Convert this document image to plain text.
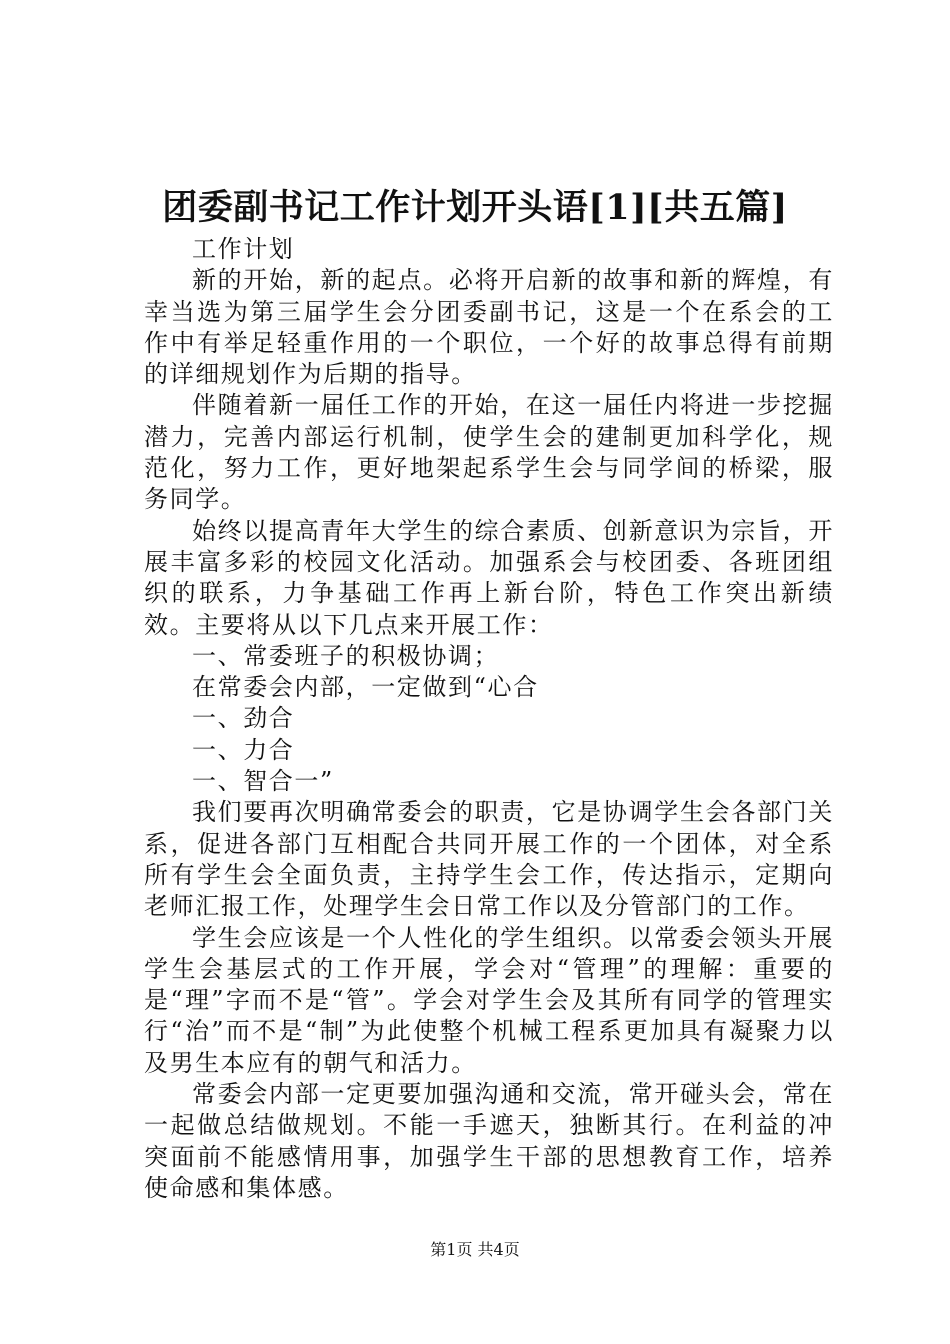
团委副书记工作计划开头语[1][共五篇]

工作计划

新的开始，新的起点。必将开启新的故事和新的辉煌，有幸当选为第三届学生会分团委副书记，这是一个在系会的工作中有举足轻重作用的一个职位，一个好的故事总得有前期的详细规划作为后期的指导。

伴随着新一届任工作的开始，在这一届任内将进一步挖掘潜力，完善内部运行机制，使学生会的建制更加科学化，规范化，努力工作，更好地架起系学生会与同学间的桥梁，服务同学。

始终以提高青年大学生的综合素质、创新意识为宗旨，开展丰富多彩的校园文化活动。加强系会与校团委、各班团组织的联系，力争基础工作再上新台阶，特色工作突出新绩效。主要将从以下几点来开展工作：

一、常委班子的积极协调；

在常委会内部，一定做到“心合

一、劲合

一、力合

一、智合一”

我们要再次明确常委会的职责，它是协调学生会各部门关系，促进各部门互相配合共同开展工作的一个团体，对全系所有学生会全面负责，主持学生会工作，传达指示，定期向老师汇报工作，处理学生会日常工作以及分管部门的工作。

学生会应该是一个人性化的学生组织。以常委会领头开展学生会基层式的工作开展，学会对“管理”的理解：重要的是“理”字而不是“管”。学会对学生会及其所有同学的管理实行“治”而不是“制”为此使整个机械工程系更加具有凝聚力以及男生本应有的朝气和活力。

常委会内部一定更要加强沟通和交流，常开碰头会，常在一起做总结做规划。不能一手遮天，独断其行。在利益的冲突面前不能感情用事，加强学生干部的思想教育工作，培养使命感和集体感。

第1页 共4页
